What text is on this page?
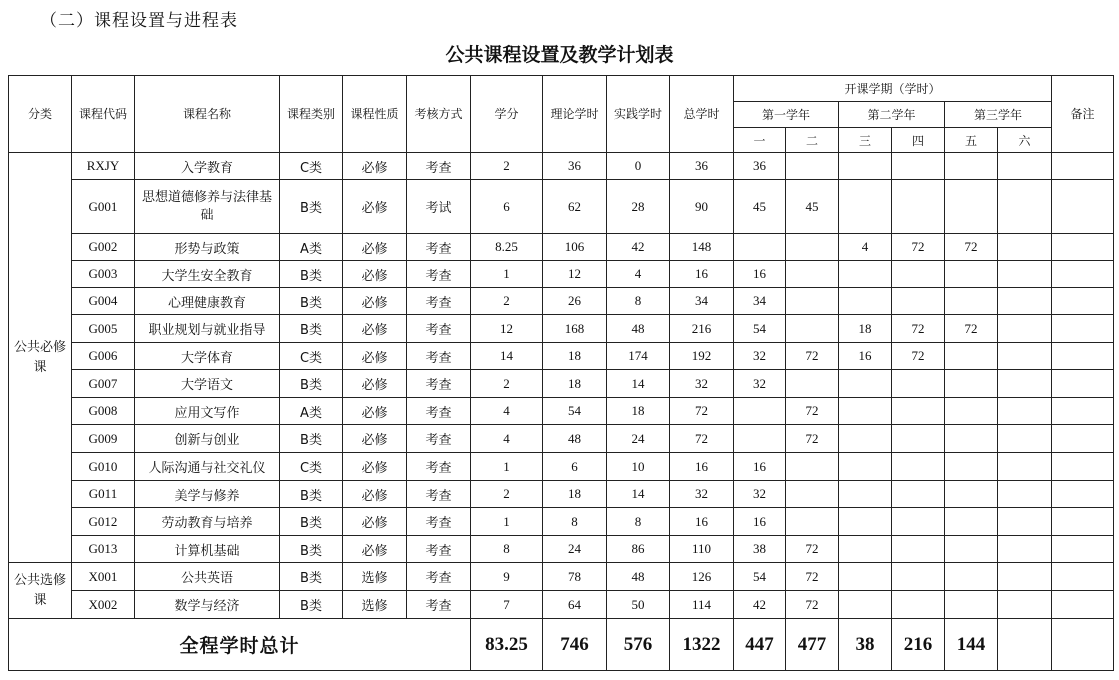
（二）课程设置与进程表
公共课程设置及教学计划表
分类	课程代码	课程名称	课程类别	课程性质	考核方式	学分	理论学时	实践学时	总学时	开课学期（学时）						备注
										第一学年		第二学年		第三学年		
										一	二	三	四	五	六	
公共必修课	RXJY	入学教育	C类	必修	考查	2	36	0	36	36						
	G001	思想道德修养与法律基础	B类	必修	考试	6	62	28	90	45	45					
	G002	形势与政策	A类	必修	考查	8.25	106	42	148			4	72	72		
	G003	大学生安全教育	B类	必修	考查	1	12	4	16	16						
	G004	心理健康教育	B类	必修	考查	2	26	8	34	34						
	G005	职业规划与就业指导	B类	必修	考查	12	168	48	216	54		18	72	72		
	G006	大学体育	C类	必修	考查	14	18	174	192	32	72	16	72			
	G007	大学语文	B类	必修	考查	2	18	14	32	32						
	G008	应用文写作	A类	必修	考查	4	54	18	72		72					
	G009	创新与创业	B类	必修	考查	4	48	24	72		72					
	G010	人际沟通与社交礼仪	C类	必修	考查	1	6	10	16	16						
	G011	美学与修养	B类	必修	考查	2	18	14	32	32						
	G012	劳动教育与培养	B类	必修	考查	1	8	8	16	16						
	G013	计算机基础	B类	必修	考查	8	24	86	110	38	72					
公共选修课	X001	公共英语	B类	选修	考查	9	78	48	126	54	72					
	X002	数学与经济	B类	选修	考查	7	64	50	114	42	72					
全程学时总计						83.25	746	576	1322	447	477	38	216	144		
